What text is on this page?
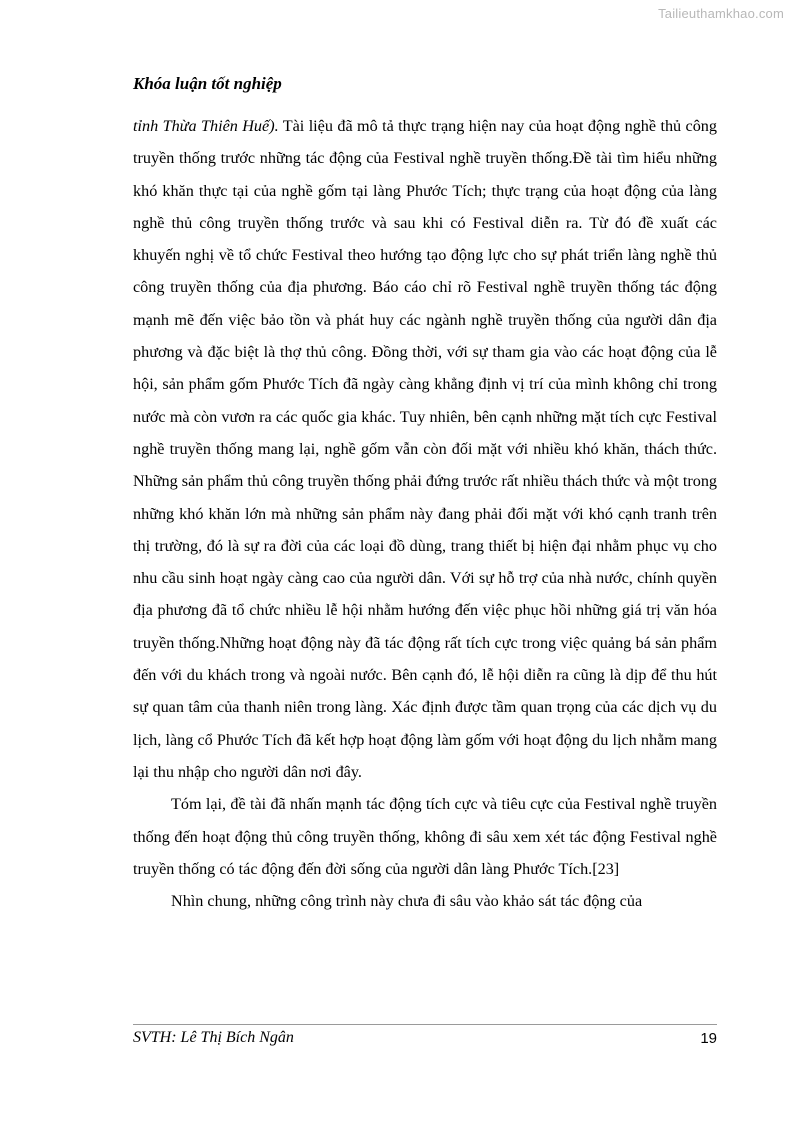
Tailieuthamkhao.com
Khóa luận tốt nghiệp

tỉnh Thừa Thiên Huế). Tài liệu đã mô tả thực trạng hiện nay của hoạt động nghề thủ công truyền thống trước những tác động của Festival nghề truyền thống.Đề tài tìm hiểu những khó khăn thực tại của nghề gốm tại làng Phước Tích; thực trạng của hoạt động của làng nghề thủ công truyền thống trước và sau khi có Festival diễn ra. Từ đó đề xuất các khuyến nghị về tổ chức Festival theo hướng tạo động lực cho sự phát triển làng nghề thủ công truyền thống của địa phương. Báo cáo chỉ rõ Festival nghề truyền thống tác động mạnh mẽ đến việc bảo tồn và phát huy các ngành nghề truyền thống của người dân địa phương và đặc biệt là thợ thủ công. Đồng thời, với sự tham gia vào các hoạt động của lễ hội, sản phẩm gốm Phước Tích đã ngày càng khẳng định vị trí của mình không chỉ trong nước mà còn vươn ra các quốc gia khác. Tuy nhiên, bên cạnh những mặt tích cực Festival nghề truyền thống mang lại, nghề gốm vẫn còn đối mặt với nhiều khó khăn, thách thức. Những sản phẩm thủ công truyền thống phải đứng trước rất nhiều thách thức và một trong những khó khăn lớn mà những sản phẩm này đang phải đối mặt với khó cạnh tranh trên thị trường, đó là sự ra đời của các loại đồ dùng, trang thiết bị hiện đại nhằm phục vụ cho nhu cầu sinh hoạt ngày càng cao của người dân. Với sự hỗ trợ của nhà nước, chính quyền địa phương đã tổ chức nhiều lễ hội nhằm hướng đến việc phục hồi những giá trị văn hóa truyền thống.Những hoạt động này đã tác động rất tích cực trong việc quảng bá sản phẩm đến với du khách trong và ngoài nước. Bên cạnh đó, lễ hội diễn ra cũng là dịp để thu hút sự quan tâm của thanh niên trong làng. Xác định được tầm quan trọng của các dịch vụ du lịch, làng cổ Phước Tích đã kết hợp hoạt động làm gốm với hoạt động du lịch nhằm mang lại thu nhập cho người dân nơi đây.

Tóm lại, đề tài đã nhấn mạnh tác động tích cực và tiêu cực của Festival nghề truyền thống đến hoạt động thủ công truyền thống, không đi sâu xem xét tác động Festival nghề truyền thống có tác động đến đời sống của người dân làng Phước Tích.[23]

Nhìn chung, những công trình này chưa đi sâu vào khảo sát tác động của

SVTH: Lê Thị Bích Ngân	19
